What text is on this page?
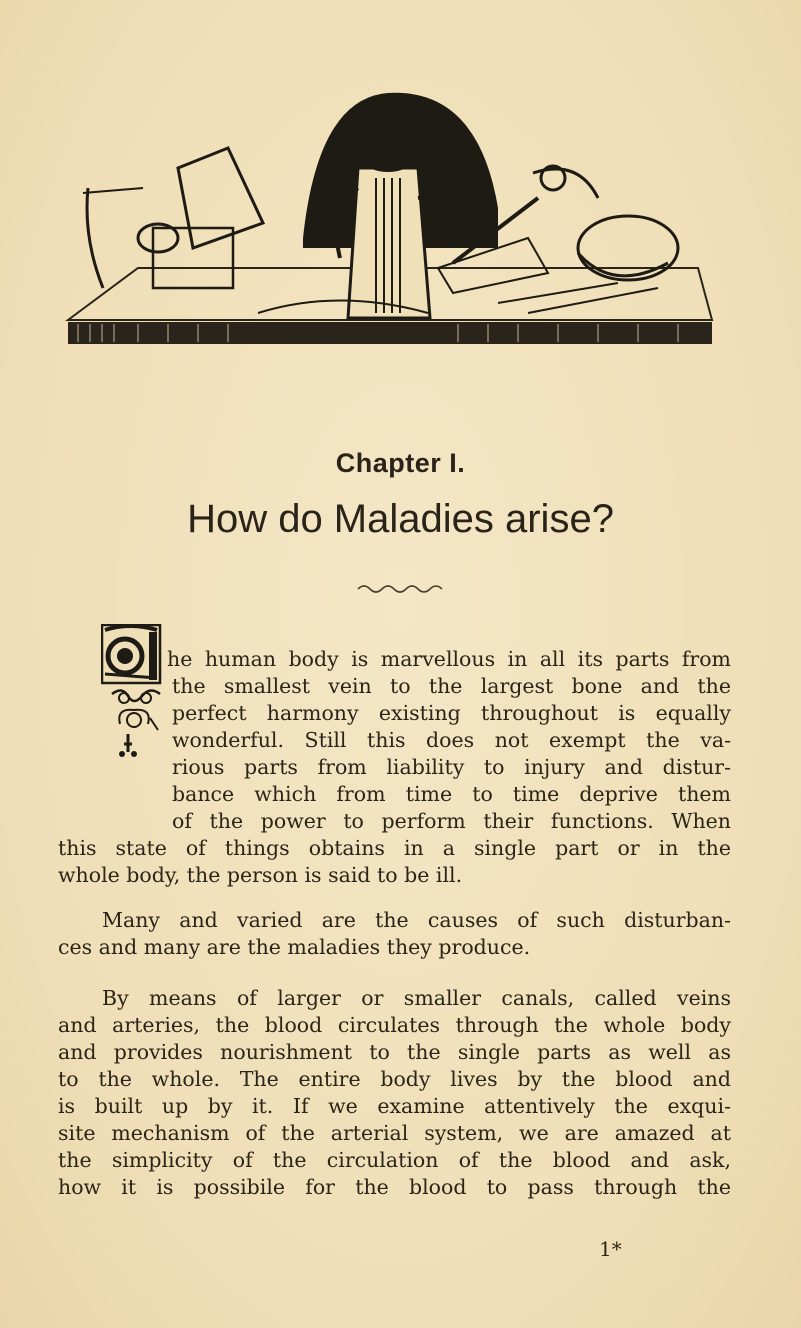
Chapter I.
How do Maladies arise?
he human body is marvellous in all its parts from
the smallest vein to the largest bone and the
perfect harmony existing throughout is equally
wonderful. Still this does not exempt the va-
rious parts from liability to injury and distur-
bance which from time to time deprive them
of the power to perform their functions. When
this state of things obtains in a single part or in the
whole body, the person is said to be ill.
Many and varied are the causes of such disturban-
ces and many are the maladies they produce.
By means of larger or smaller canals, called veins
and arteries, the blood circulates through the whole body
and provides nourishment to the single parts as well as
to the whole. The entire body lives by the blood and
is built up by it. If we examine attentively the exqui-
site mechanism of the arterial system, we are amazed at
the simplicity of the circulation of the blood and ask,
how it is possibile for the blood to pass through the
1*
